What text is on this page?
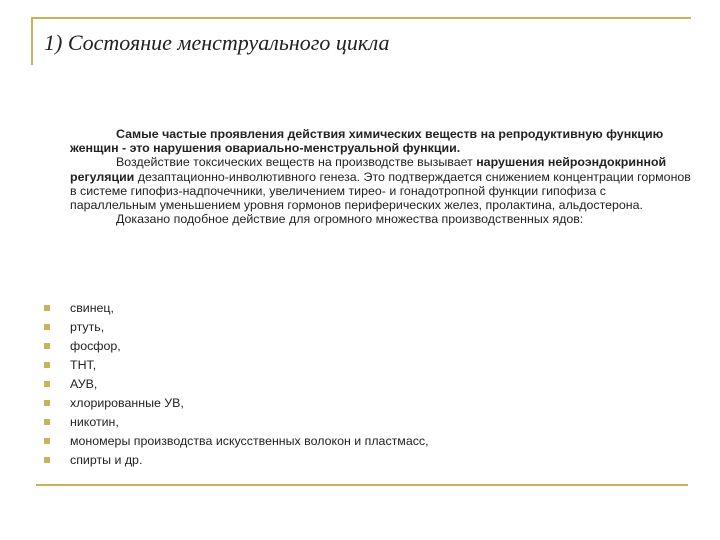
1) Состояние менструального цикла

Самые частые проявления действия химических веществ на репродуктивную функцию женщин - это нарушения овариально-менструальной функции.

Воздействие токсических веществ на производстве вызывает нарушения нейроэндокринной регуляции дезаптационно-инволютивного генеза. Это подтверждается снижением концентрации гормонов в системе гипофиз-надпочечники, увеличением тирео- и гонадотропной функции гипофиза с параллельным уменьшением уровня гормонов периферических желез, пролактина, альдостерона.

Доказано подобное действие для огромного множества производственных ядов:

свинец,
ртуть,
фосфор,
ТНТ,
АУВ,
хлорированные УВ,
никотин,
мономеры производства искусственных волокон и пластмасс,
спирты и др.
